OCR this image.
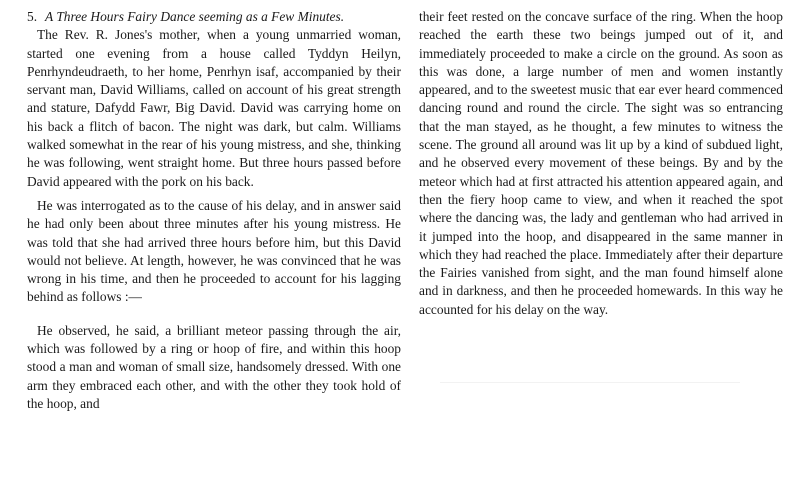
5. A Three Hours Fairy Dance seeming as a Few Minutes.

The Rev. R. Jones's mother, when a young unmarried woman, started one evening from a house called Tyddyn Heilyn, Penrhyndeudraeth, to her home, Penrhyn isaf, accompanied by their servant man, David Williams, called on account of his great strength and stature, Dafydd Fawr, Big David. David was carrying home on his back a flitch of bacon. The night was dark, but calm. Williams walked somewhat in the rear of his young mistress, and she, thinking he was following, went straight home. But three hours passed before David appeared with the pork on his back.

He was interrogated as to the cause of his delay, and in answer said he had only been about three minutes after his young mistress. He was told that she had arrived three hours before him, but this David would not believe. At length, however, he was convinced that he was wrong in his time, and then he proceeded to account for his lagging behind as follows :—

He observed, he said, a brilliant meteor passing through the air, which was followed by a ring or hoop of fire, and within this hoop stood a man and woman of small size, handsomely dressed. With one arm they embraced each other, and with the other they took hold of the hoop, and

their feet rested on the concave surface of the ring. When the hoop reached the earth these two beings jumped out of it, and immediately proceeded to make a circle on the ground. As soon as this was done, a large number of men and women instantly appeared, and to the sweetest music that ear ever heard commenced dancing round and round the circle. The sight was so entrancing that the man stayed, as he thought, a few minutes to witness the scene. The ground all around was lit up by a kind of subdued light, and he observed every movement of these beings. By and by the meteor which had at first attracted his attention appeared again, and then the fiery hoop came to view, and when it reached the spot where the dancing was, the lady and gentleman who had arrived in it jumped into the hoop, and disappeared in the same manner in which they had reached the place. Immediately after their departure the Fairies vanished from sight, and the man found himself alone and in darkness, and then he proceeded homewards. In this way he accounted for his delay on the way.
